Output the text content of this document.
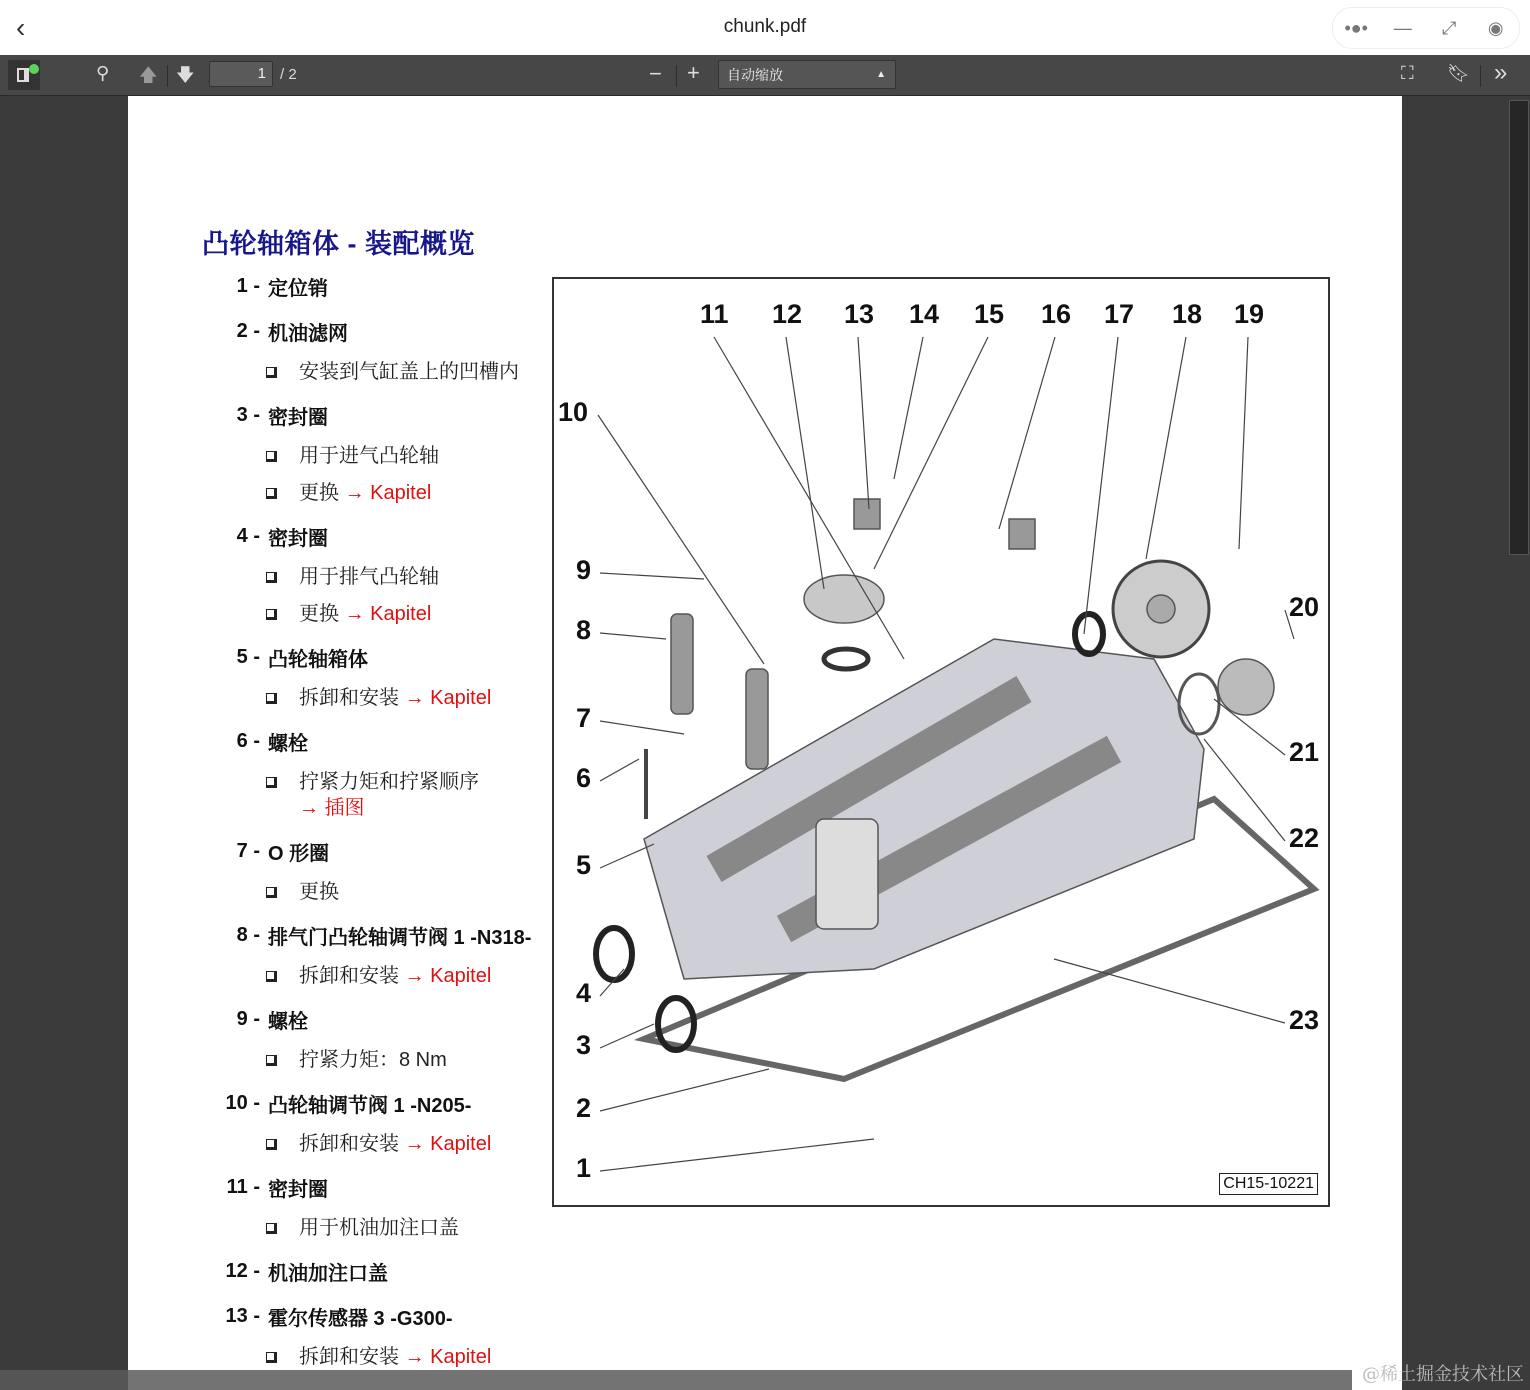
‹	chunk.pdf	•●•	—	⤢	◉
⚲ 🡅 🡇	1 / 2	− +	自动缩放	▲	⛶ 🔖︎ »
凸轮轴箱体 - 装配概览
1 - 定位销
2 - 机油滤网
安装到气缸盖上的凹槽内
3 - 密封圈
用于进气凸轮轴
更换 → Kapitel
4 - 密封圈
用于排气凸轮轴
更换 → Kapitel
5 - 凸轮轴箱体
拆卸和安装 → Kapitel
6 - 螺栓
拧紧力矩和拧紧顺序
→ 插图
7 - O 形圈
更换
8 - 排气门凸轮轴调节阀 1 -N318-
拆卸和安装 → Kapitel
9 - 螺栓
拧紧力矩：8 Nm
10 - 凸轮轴调节阀 1 -N205-
拆卸和安装 → Kapitel
11 - 密封圈
用于机油加注口盖
12 - 机油加注口盖
13 - 霍尔传感器 3 -G300-
拆卸和安装 → Kapitel
1
2
3
4
5
6
7
8
9
10
11 12 13 14 15 16 17 18 19
20
21
22
23
CH15-10221
@稀土掘金技术社区
